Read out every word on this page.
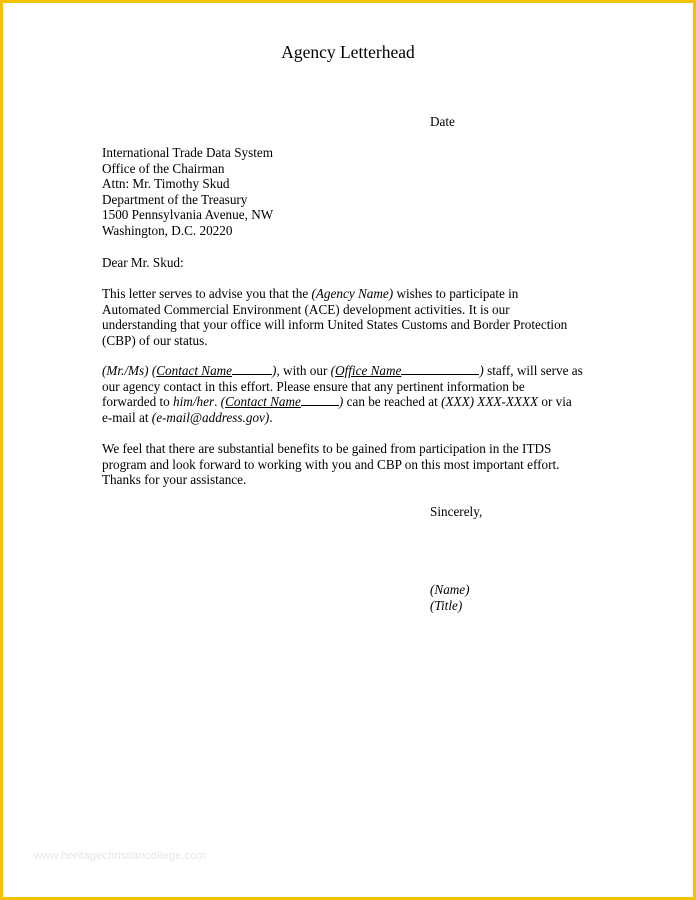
Agency Letterhead
Date
International Trade Data System
Office of the Chairman
Attn: Mr. Timothy Skud
Department of the Treasury
1500 Pennsylvania Avenue, NW
Washington, D.C. 20220
Dear Mr. Skud:
This letter serves to advise you that the (Agency Name) wishes to participate in
Automated Commercial Environment (ACE) development activities. It is our
understanding that your office will inform United States Customs and Border Protection
(CBP) of our status.
(Mr./Ms) (Contact Name	), with our (Office Name	) staff, will serve as
our agency contact in this effort. Please ensure that any pertinent information be
forwarded to him/her. (Contact Name	) can be reached at (XXX) XXX-XXXX or via
e-mail at (e-mail@address.gov).
We feel that there are substantial benefits to be gained from participation in the ITDS
program and look forward to working with you and CBP on this most important effort.
Thanks for your assistance.
Sincerely,
(Name)
(Title)
www.heritagechristiancollege.com
